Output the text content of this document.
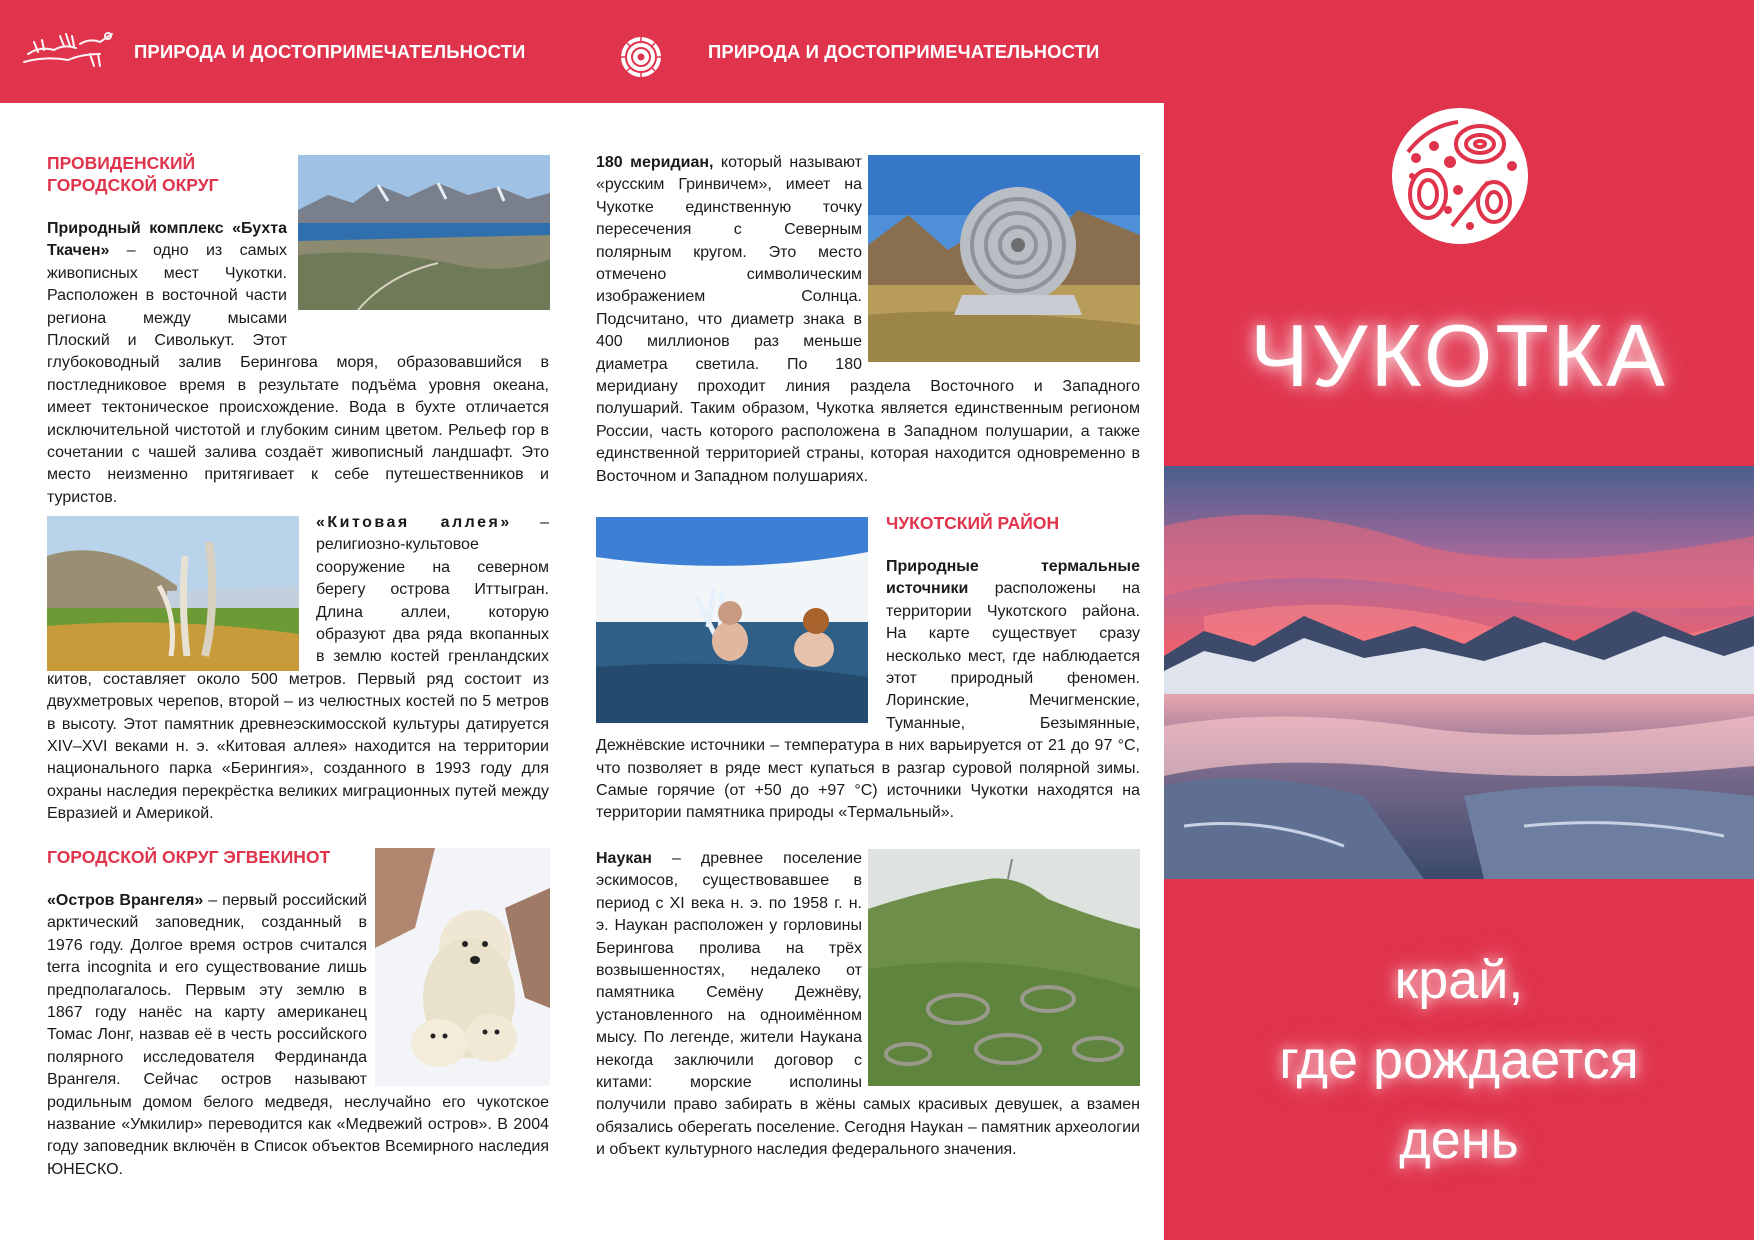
ПРИРОДА И ДОСТОПРИМЕЧАТЕЛЬНОСТИ	ПРИРОДА И ДОСТОПРИМЕЧАТЕЛЬНОСТИ
ЧУКОТКА
край,
где рождается
день
ПРОВИДЕНСКИЙ ГОРОДСКОЙ ОКРУГ

Природный комплекс «Бухта Ткачен» – одно из самых живописных мест Чукотки. Расположен в восточной части региона между мысами Плоский и Сиволькут. Этот глубоководный залив Берингова моря, образовавшийся в постледниковое время в результате подъёма уровня океана, имеет тектоническое происхождение. Вода в бухте отличается исключительной чистотой и глубоким синим цветом. Рельеф гор в сочетании с чашей залива создаёт живописный ландшафт. Это место неизменно притягивает к себе путешественников и туристов.

«Китовая аллея» – религиозно-культовое сооружение на северном берегу острова Иттыгран. Длина аллеи, которую образуют два ряда вкопанных в землю костей гренландских китов, составляет около 500 метров. Первый ряд состоит из двухметровых черепов, второй – из челюстных костей по 5 метров в высоту. Этот памятник древнеэскимосской культуры датируется XIV–XVI веками н. э. «Китовая аллея» находится на территории национального парка «Берингия», созданного в 1993 году для охраны наследия перекрёстка великих миграционных путей между Евразией и Америкой.

ГОРОДСКОЙ ОКРУГ ЭГВЕКИНОТ

«Остров Врангеля» – первый российский арктический заповедник, созданный в 1976 году. Долгое время остров считался terra incognita и его существование лишь предполагалось. Первым эту землю в 1867 году нанёс на карту американец Томас Лонг, назвав её в честь российского полярного исследователя Фердинанда Врангеля. Сейчас остров называют родильным домом белого медведя, неслучайно его чукотское название «Умкилир» переводится как «Медвежий остров». В 2004 году заповедник включён в Список объектов Всемирного наследия ЮНЕСКО.

180 меридиан, который называют «русским Гринвичем», имеет на Чукотке единственную точку пересечения с Северным полярным кругом. Это место отмечено символическим изображением Солнца. Подсчитано, что диаметр знака в 400 миллионов раз меньше диаметра светила. По 180 меридиану проходит линия раздела Восточного и Западного полушарий. Таким образом, Чукотка является единственным регионом России, часть которого расположена в Западном полушарии, а также единственной территорией страны, которая находится одновременно в Восточном и Западном полушариях.

ЧУКОТСКИЙ РАЙОН

Природные термальные источники расположены на территории Чукотского района. На карте существует сразу несколько мест, где наблюдается этот природный феномен. Лоринские, Мечигменские, Туманные, Безымянные, Дежнёвские источники – температура в них варьируется от 21 до 97 °С, что позволяет в ряде мест купаться в разгар суровой полярной зимы. Самые горячие (от +50 до +97 °С) источники Чукотки находятся на территории памятника природы «Термальный».

Наукан – древнее поселение эскимосов, существовавшее в период с XI века н. э. по 1958 г. н. э. Наукан расположен у горловины Берингова пролива на трёх возвышенностях, недалеко от памятника Семёну Дежнёву, установленного на одноимённом мысу. По легенде, жители Наукана некогда заключили договор с китами: морские исполины получили право забирать в жёны самых красивых девушек, а взамен обязались оберегать поселение. Сегодня Наукан – памятник археологии и объект культурного наследия федерального значения.
